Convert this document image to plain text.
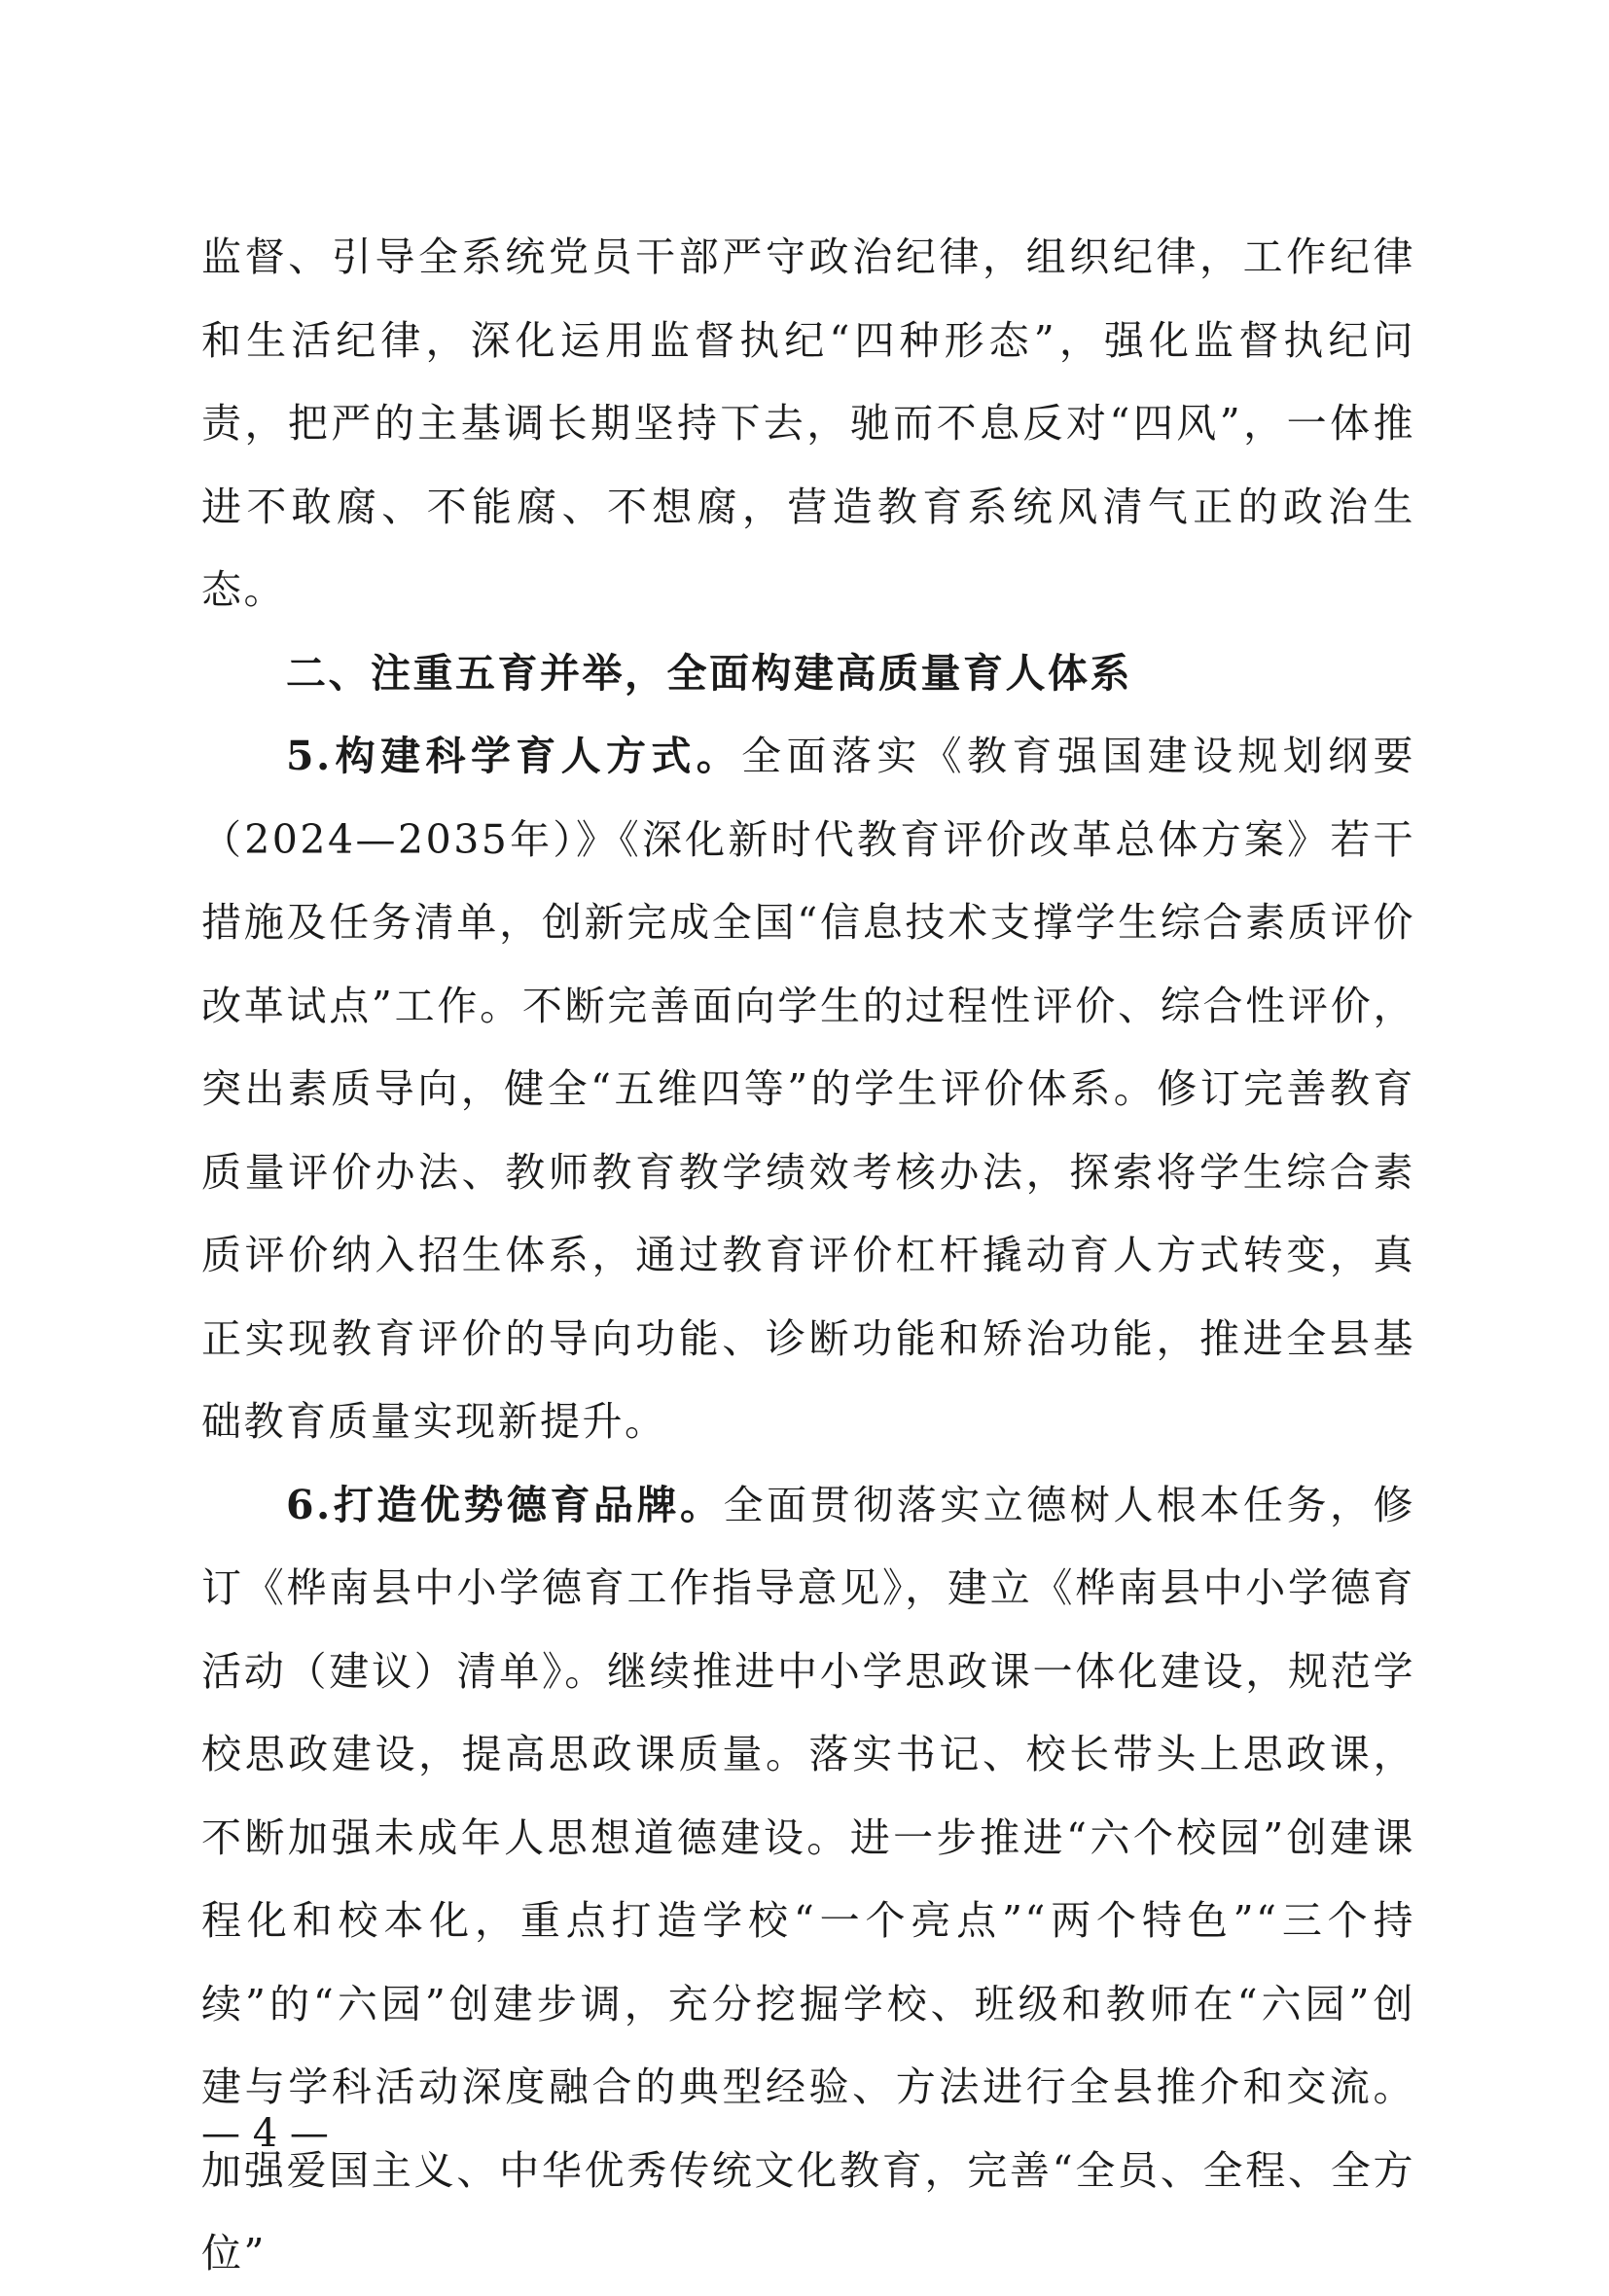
监督、引导全系统党员干部严守政治纪律，组织纪律，工作纪律和生活纪律，深化运用监督执纪“四种形态”，强化监督执纪问责，把严的主基调长期坚持下去，驰而不息反对“四风”，一体推进不敢腐、不能腐、不想腐，营造教育系统风清气正的政治生态。

二、注重五育并举，全面构建高质量育人体系

5.构建科学育人方式。全面落实《教育强国建设规划纲要（2024—2035年）》《深化新时代教育评价改革总体方案》若干措施及任务清单，创新完成全国“信息技术支撑学生综合素质评价改革试点”工作。不断完善面向学生的过程性评价、综合性评价，突出素质导向，健全“五维四等”的学生评价体系。修订完善教育质量评价办法、教师教育教学绩效考核办法，探索将学生综合素质评价纳入招生体系，通过教育评价杠杆撬动育人方式转变，真正实现教育评价的导向功能、诊断功能和矫治功能，推进全县基础教育质量实现新提升。

6.打造优势德育品牌。全面贯彻落实立德树人根本任务，修订《桦南县中小学德育工作指导意见》，建立《桦南县中小学德育活动（建议）清单》。继续推进中小学思政课一体化建设，规范学校思政建设，提高思政课质量。落实书记、校长带头上思政课，不断加强未成年人思想道德建设。进一步推进“六个校园”创建课程化和校本化，重点打造学校“一个亮点”“两个特色”“三个持续”的“六园”创建步调，充分挖掘学校、班级和教师在“六园”创建与学科活动深度融合的典型经验、方法进行全县推介和交流。加强爱国主义、中华优秀传统文化教育，完善“全员、全程、全方位”

— 4 —
